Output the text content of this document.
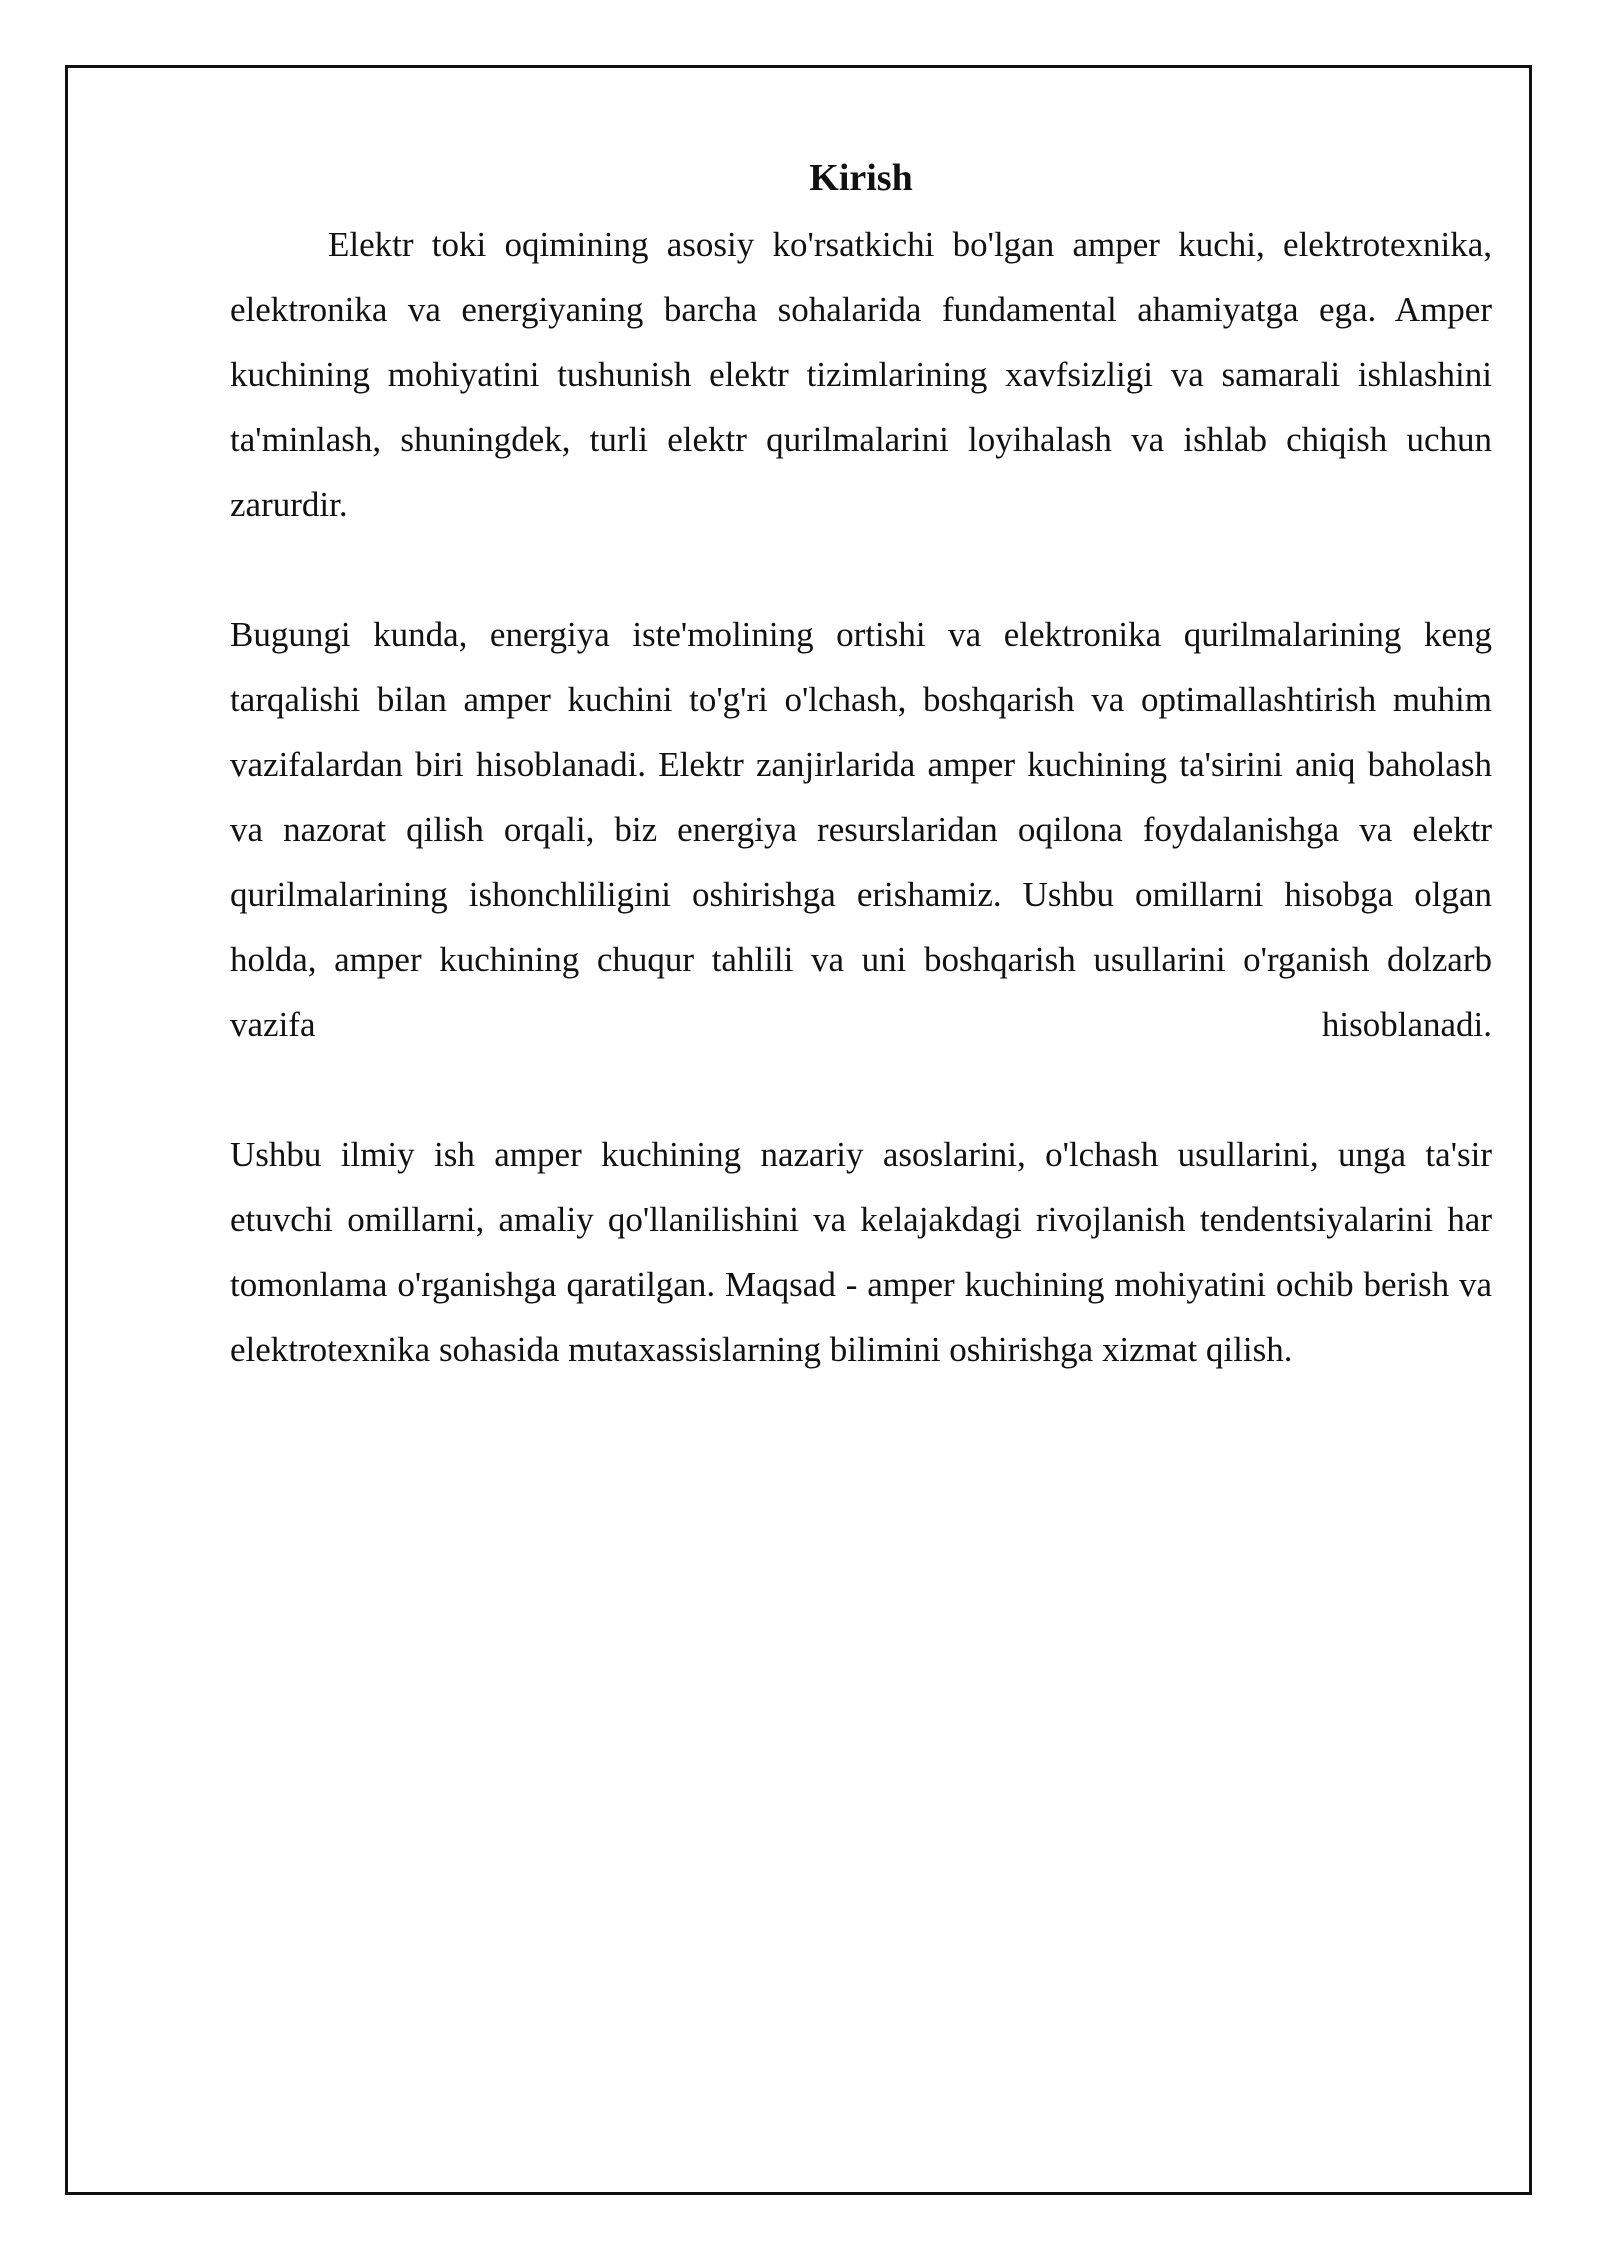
Kirish

Elektr toki oqimining asosiy ko'rsatkichi bo'lgan amper kuchi, elektrotexnika, elektronika va energiyaning barcha sohalarida fundamental ahamiyatga ega. Amper kuchining mohiyatini tushunish elektr tizimlarining xavfsizligi va samarali ishlashini ta'minlash, shuningdek, turli elektr qurilmalarini loyihalash va ishlab chiqish uchun zarurdir.

Bugungi kunda, energiya iste'molining ortishi va elektronika qurilmalarining keng tarqalishi bilan amper kuchini to'g'ri o'lchash, boshqarish va optimallashtirish muhim vazifalardan biri hisoblanadi. Elektr zanjirlarida amper kuchining ta'sirini aniq baholash va nazorat qilish orqali, biz energiya resurslaridan oqilona foydalanishga va elektr qurilmalarining ishonchliligini oshirishga erishamiz. Ushbu omillarni hisobga olgan holda, amper kuchining chuqur tahlili va uni boshqarish usullarini o'rganish dolzarb vazifa hisoblanadi.

Ushbu ilmiy ish amper kuchining nazariy asoslarini, o'lchash usullarini, unga ta'sir etuvchi omillarni, amaliy qo'llanilishini va kelajakdagi rivojlanish tendentsiyalarini har tomonlama o'rganishga qaratilgan. Maqsad - amper kuchining mohiyatini ochib berish va elektrotexnika sohasida mutaxassislarning bilimini oshirishga xizmat qilish.
